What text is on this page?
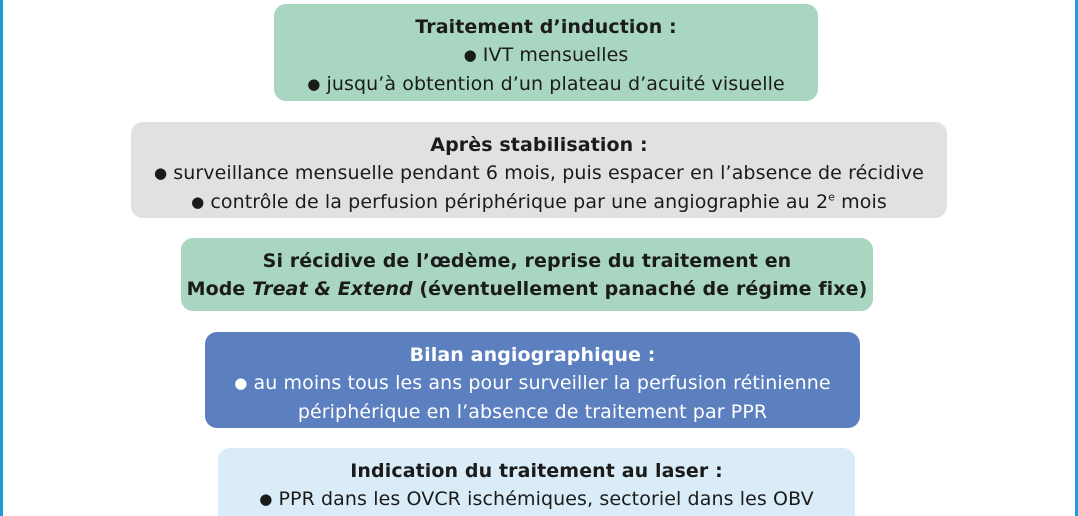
Traitement d’induction :
● IVT mensuelles
● jusqu’à obtention d’un plateau d’acuité visuelle
Après stabilisation :
● surveillance mensuelle pendant 6 mois, puis espacer en l’absence de récidive
● contrôle de la perfusion périphérique par une angiographie au 2e mois
Si récidive de l’œdème, reprise du traitement en
Mode Treat & Extend (éventuellement panaché de régime fixe)
Bilan angiographique :
● au moins tous les ans pour surveiller la perfusion rétinienne
périphérique en l’absence de traitement par PPR
Indication du traitement au laser :
● PPR dans les OVCR ischémiques, sectoriel dans les OBV
